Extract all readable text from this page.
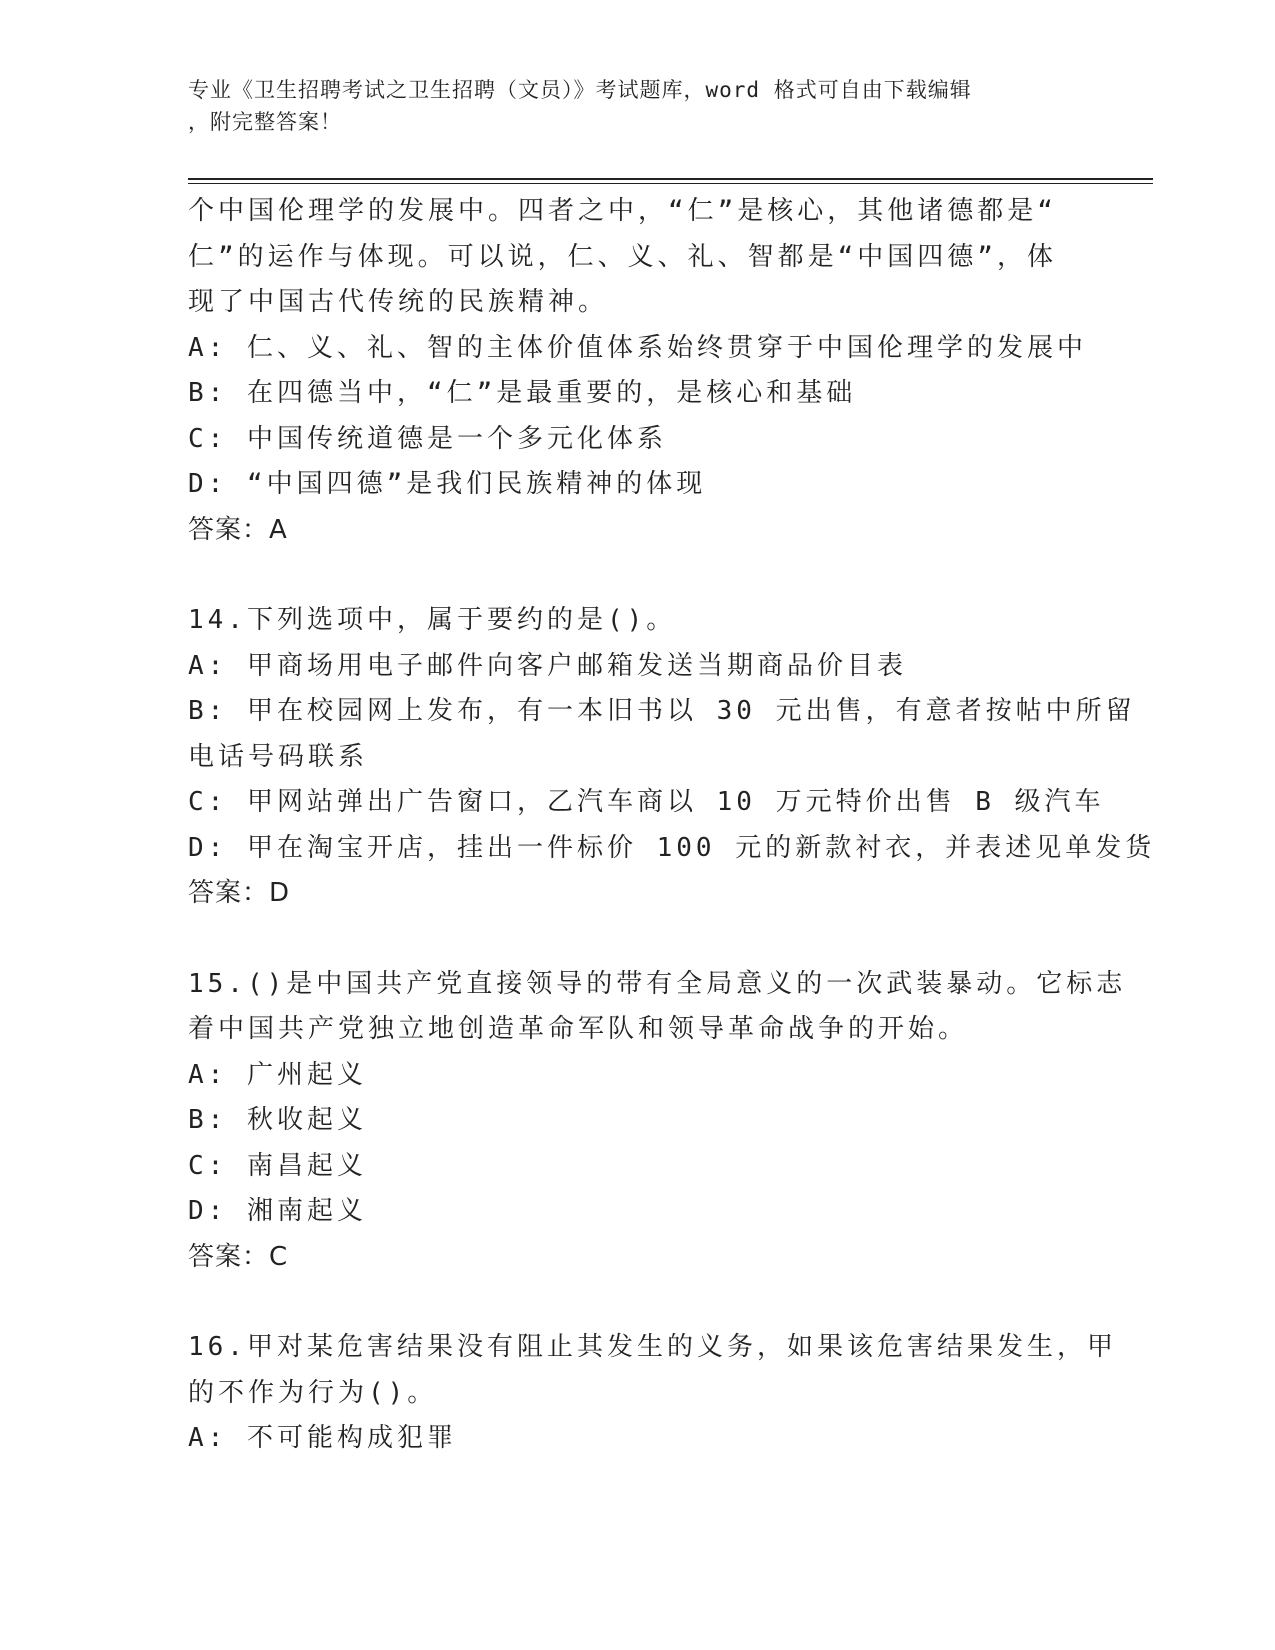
专业《卫生招聘考试之卫生招聘（文员）》考试题库，word 格式可自由下载编辑
，附完整答案！
个中国伦理学的发展中。四者之中，“仁”是核心，其他诸德都是“
仁”的运作与体现。可以说，仁、义、礼、智都是“中国四德”，体
现了中国古代传统的民族精神。
A: 仁、义、礼、智的主体价值体系始终贯穿于中国伦理学的发展中
B: 在四德当中，“仁”是最重要的，是核心和基础
C: 中国传统道德是一个多元化体系
D: “中国四德”是我们民族精神的体现
答案：A
14.下列选项中，属于要约的是()。
A: 甲商场用电子邮件向客户邮箱发送当期商品价目表
B: 甲在校园网上发布，有一本旧书以 30 元出售，有意者按帖中所留
电话号码联系
C: 甲网站弹出广告窗口，乙汽车商以 10 万元特价出售 B 级汽车
D: 甲在淘宝开店，挂出一件标价 100 元的新款衬衣，并表述见单发货
答案：D
15.()是中国共产党直接领导的带有全局意义的一次武装暴动。它标志
着中国共产党独立地创造革命军队和领导革命战争的开始。
A: 广州起义
B: 秋收起义
C: 南昌起义
D: 湘南起义
答案：C
16.甲对某危害结果没有阻止其发生的义务，如果该危害结果发生，甲
的不作为行为()。
A: 不可能构成犯罪
